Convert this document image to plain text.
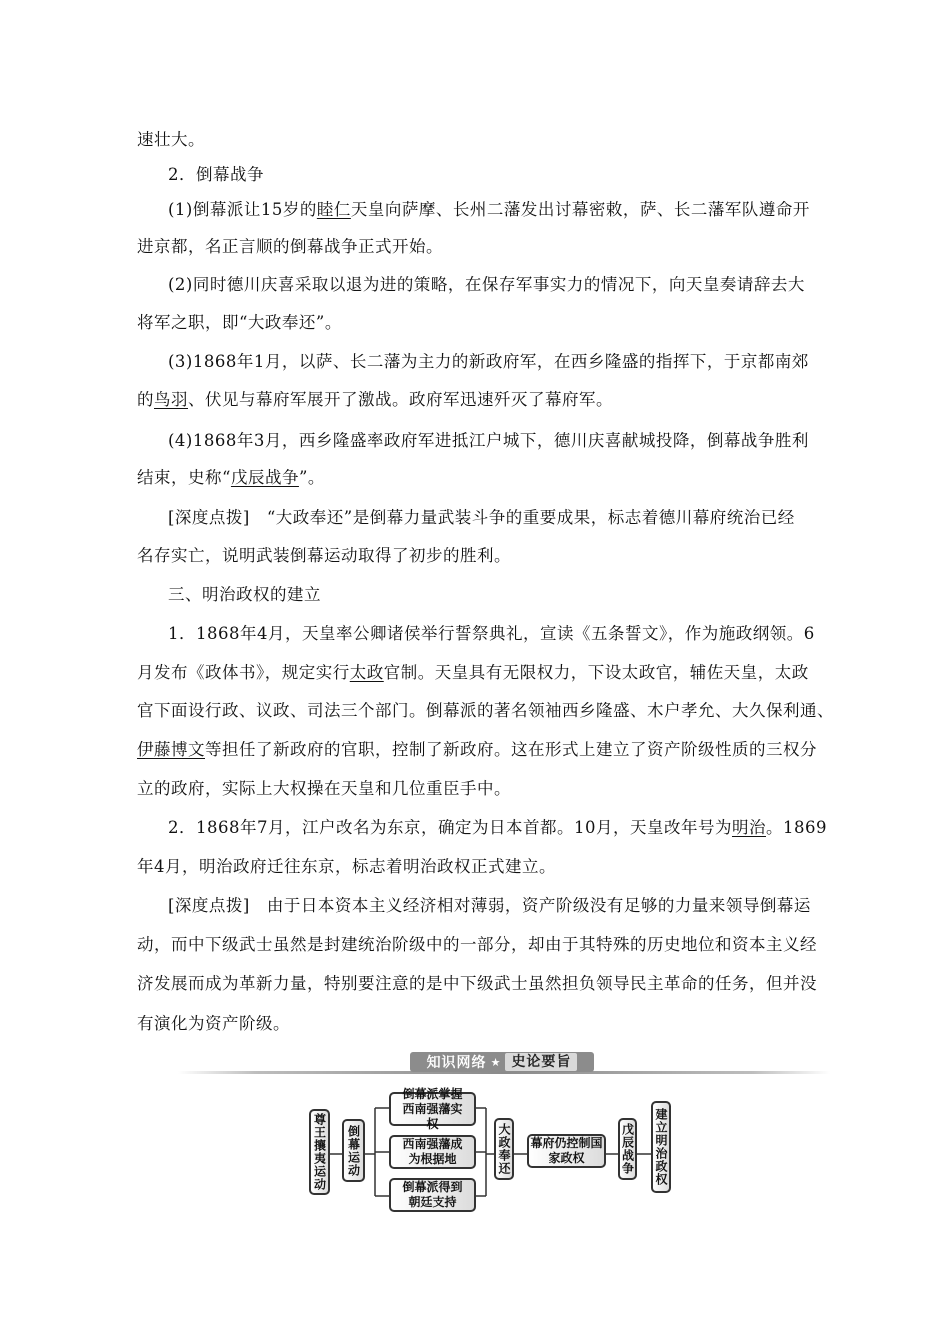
速壮大。
2．倒幕战争
(1)倒幕派让15岁的睦仁天皇向萨摩、长州二藩发出讨幕密敕，萨、长二藩军队遵命开
进京都，名正言顺的倒幕战争正式开始。
(2)同时德川庆喜采取以退为进的策略，在保存军事实力的情况下，向天皇奏请辞去大
将军之职，即“大政奉还”。
(3)1868年1月，以萨、长二藩为主力的新政府军，在西乡隆盛的指挥下，于京都南郊
的鸟羽、伏见与幕府军展开了激战。政府军迅速歼灭了幕府军。
(4)1868年3月，西乡隆盛率政府军进抵江户城下，德川庆喜献城投降，倒幕战争胜利
结束，史称“戊辰战争”。
[深度点拨]　“大政奉还”是倒幕力量武装斗争的重要成果，标志着德川幕府统治已经
名存实亡，说明武装倒幕运动取得了初步的胜利。
三、明治政权的建立
1．1868年4月，天皇率公卿诸侯举行誓祭典礼，宣读《五条誓文》，作为施政纲领。6
月发布《政体书》，规定实行太政官制。天皇具有无限权力，下设太政官，辅佐天皇，太政
官下面设行政、议政、司法三个部门。倒幕派的著名领袖西乡隆盛、木户孝允、大久保利通、
伊藤博文等担任了新政府的官职，控制了新政府。这在形式上建立了资产阶级性质的三权分
立的政府，实际上大权操在天皇和几位重臣手中。
2．1868年7月，江户改名为东京，确定为日本首都。10月，天皇改年号为明治。1869
年4月，明治政府迁往东京，标志着明治政权正式建立。
[深度点拨]　由于日本资本主义经济相对薄弱，资产阶级没有足够的力量来领导倒幕运
动，而中下级武士虽然是封建统治阶级中的一部分，却由于其特殊的历史地位和资本主义经
济发展而成为革新力量，特别要注意的是中下级武士虽然担负领导民主革命的任务，但并没
有演化为资产阶级。
知识网络 ★ 史论要旨
尊王攘夷运动 倒幕运动
倒幕派掌握西南强藩实权
西南强藩成为根据地
倒幕派得到朝廷支持
大政奉还 幕府仍控制国家政权	戊辰战争 建立明治政权
